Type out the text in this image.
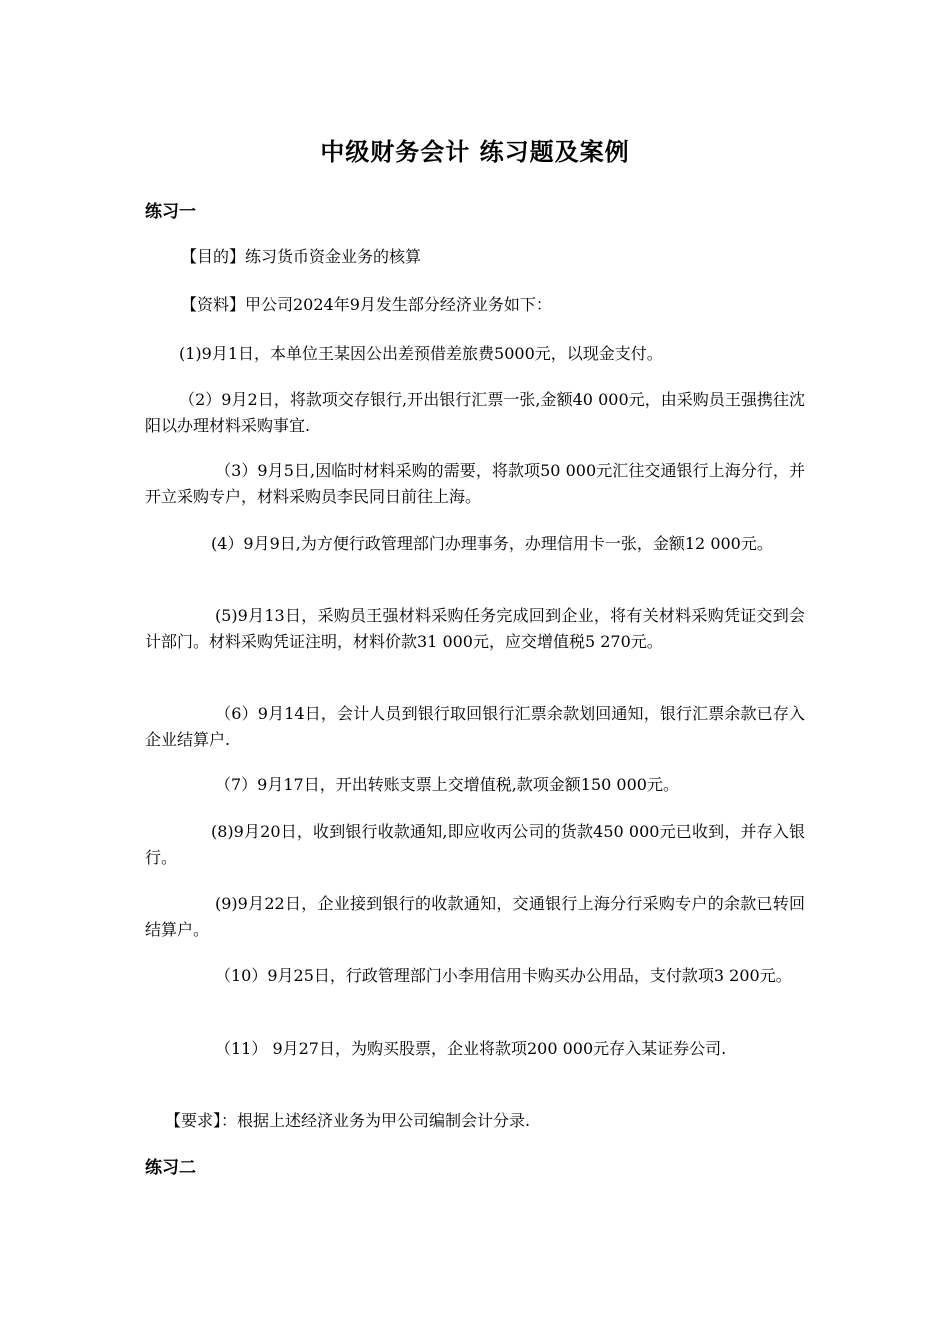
中级财务会计 练习题及案例
练习一
【目的】练习货币资金业务的核算
【资料】甲公司2024年9月发生部分经济业务如下：
(1)9月1日，本单位王某因公出差预借差旅费5000元，以现金支付。
（2）9月2日，将款项交存银行,开出银行汇票一张,金额40 000元，由采购员王强携往沈阳以办理材料采购事宜.
（3）9月5日,因临时材料采购的需要，将款项50 000元汇往交通银行上海分行，并开立采购专户，材料采购员李民同日前往上海。
(4）9月9日,为方便行政管理部门办理事务，办理信用卡一张，金额12 000元。
(5)9月13日，采购员王强材料采购任务完成回到企业，将有关材料采购凭证交到会计部门。材料采购凭证注明，材料价款31 000元，应交增值税5 270元。
（6）9月14日，会计人员到银行取回银行汇票余款划回通知，银行汇票余款已存入企业结算户.
（7）9月17日，开出转账支票上交增值税,款项金额150 000元。
(8)9月20日，收到银行收款通知,即应收丙公司的货款450 000元已收到，并存入银行。
(9)9月22日，企业接到银行的收款通知，交通银行上海分行采购专户的余款已转回结算户。
（10）9月25日，行政管理部门小李用信用卡购买办公用品，支付款项3 200元。
（11） 9月27日，为购买股票，企业将款项200 000元存入某证券公司.
【要求】：根据上述经济业务为甲公司编制会计分录.
练习二
